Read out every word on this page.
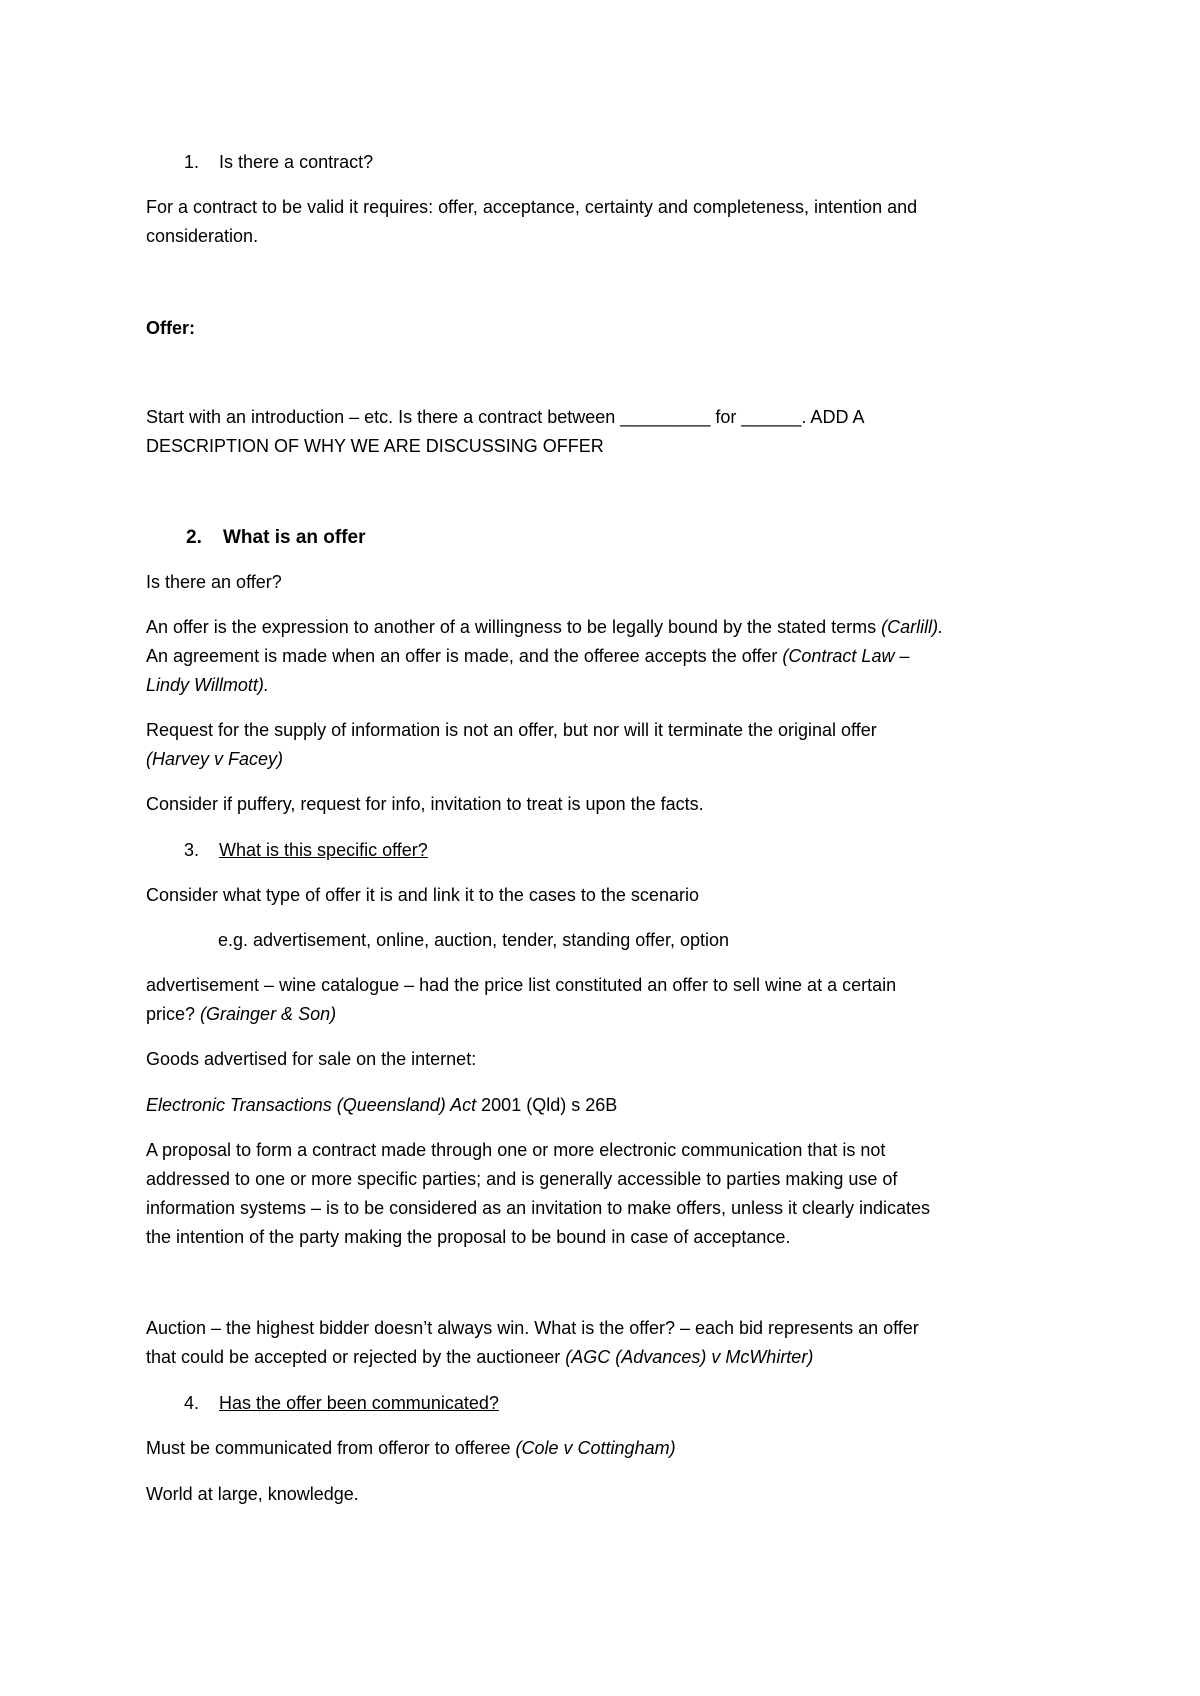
1. Is there a contract?
For a contract to be valid it requires: offer, acceptance, certainty and completeness, intention and
consideration.
Offer:
Start with an introduction – etc. Is there a contract between _________ for ______. ADD A
DESCRIPTION OF WHY WE ARE DISCUSSING OFFER
2. What is an offer
Is there an offer?
An offer is the expression to another of a willingness to be legally bound by the stated terms (Carlill).
An agreement is made when an offer is made, and the offeree accepts the offer (Contract Law –
Lindy Willmott).
Request for the supply of information is not an offer, but nor will it terminate the original offer
(Harvey v Facey)
Consider if puffery, request for info, invitation to treat is upon the facts.
3. What is this specific offer?
Consider what type of offer it is and link it to the cases to the scenario
e.g. advertisement, online, auction, tender, standing offer, option
advertisement – wine catalogue – had the price list constituted an offer to sell wine at a certain
price? (Grainger & Son)
Goods advertised for sale on the internet:
Electronic Transactions (Queensland) Act 2001 (Qld) s 26B
A proposal to form a contract made through one or more electronic communication that is not
addressed to one or more specific parties; and is generally accessible to parties making use of
information systems – is to be considered as an invitation to make offers, unless it clearly indicates
the intention of the party making the proposal to be bound in case of acceptance.
Auction – the highest bidder doesn’t always win. What is the offer? – each bid represents an offer
that could be accepted or rejected by the auctioneer (AGC (Advances) v McWhirter)
4. Has the offer been communicated?
Must be communicated from offeror to offeree (Cole v Cottingham)
World at large, knowledge.
